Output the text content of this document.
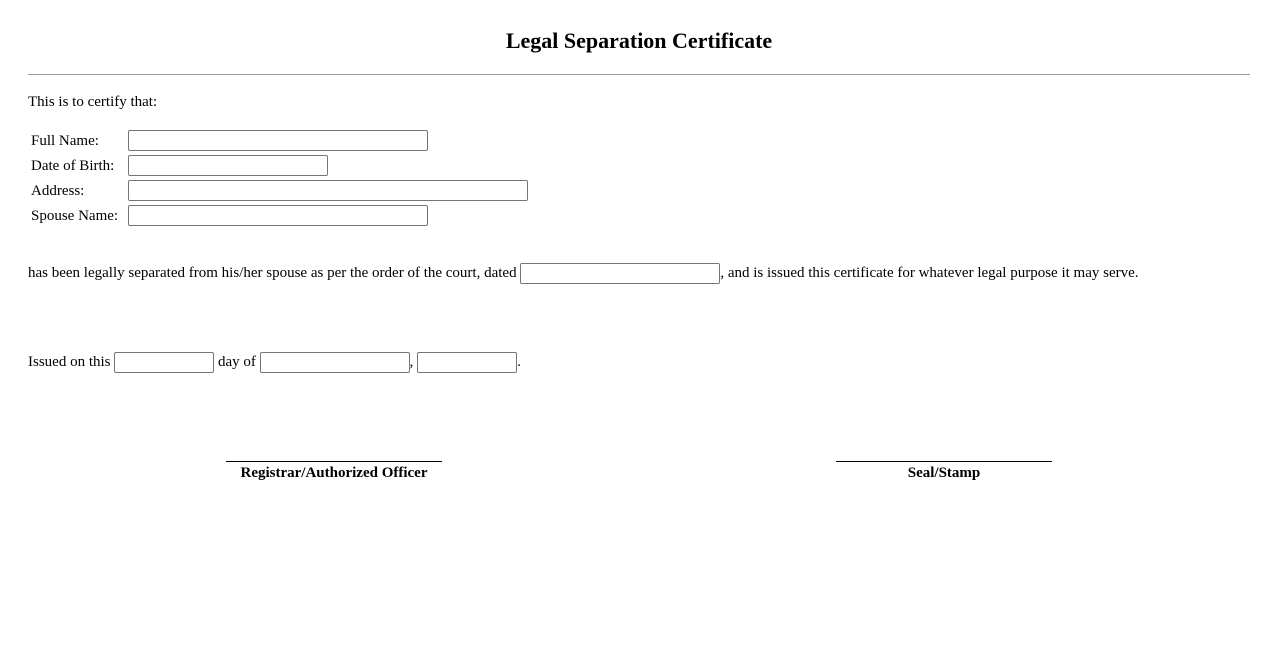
Legal Separation Certificate
This is to certify that:
Full Name:
Date of Birth:
Address:
Spouse Name:
has been legally separated from his/her spouse as per the order of the court, dated
	, and is issued this certificate for whatever legal purpose it may serve.
Issued on this

	day of
	,
	.
Registrar/Authorized Officer	Seal/Stamp
